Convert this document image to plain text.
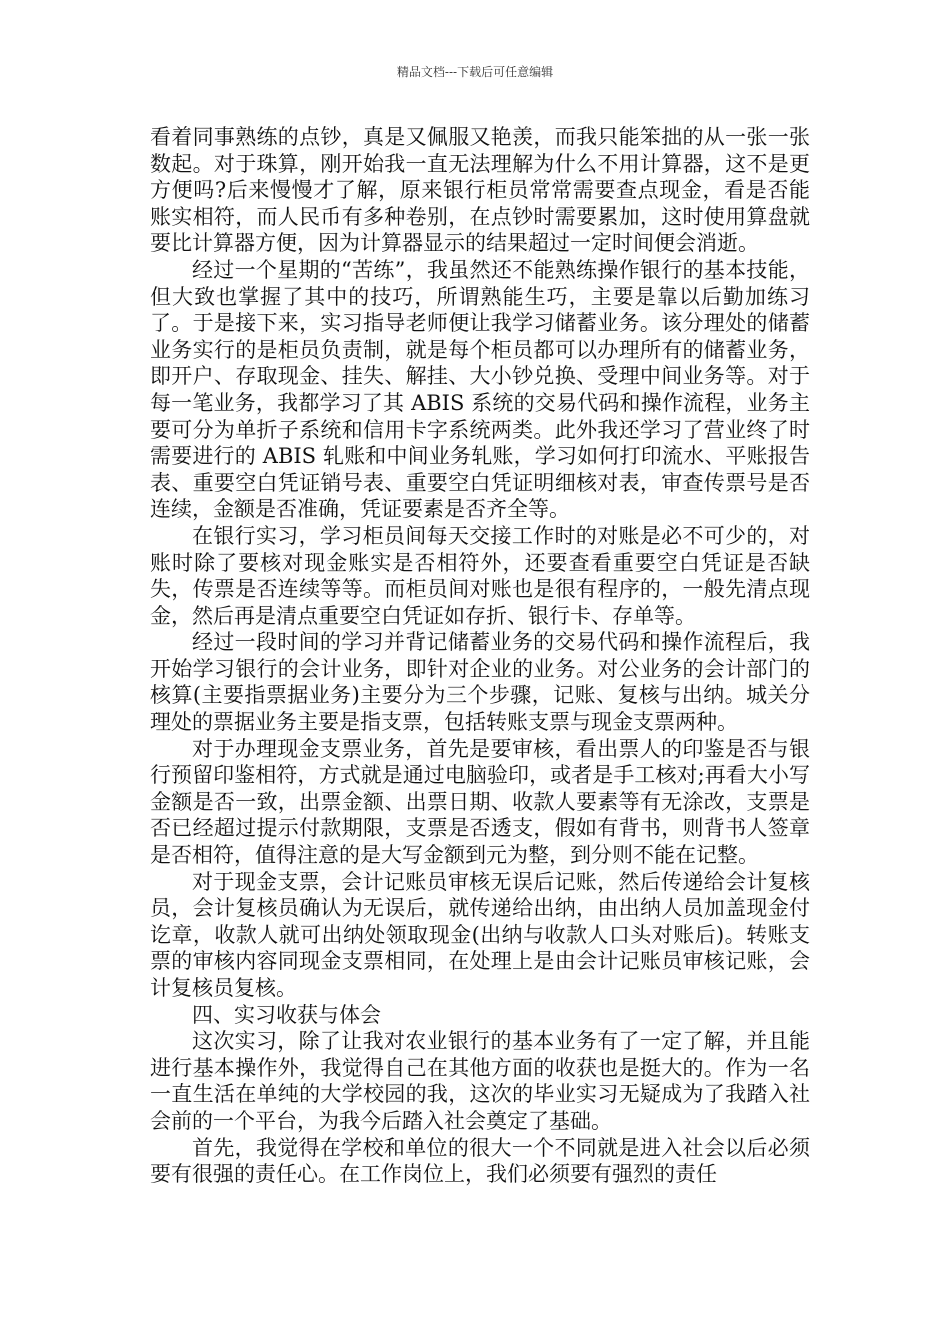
精品文档---下载后可任意编辑

看着同事熟练的点钞，真是又佩服又艳羡，而我只能笨拙的从一张一张数起。对于珠算，刚开始我一直无法理解为什么不用计算器，这不是更方便吗?后来慢慢才了解，原来银行柜员常常需要查点现金，看是否能账实相符，而人民币有多种卷别，在点钞时需要累加，这时使用算盘就要比计算器方便，因为计算器显示的结果超过一定时间便会消逝。

经过一个星期的“苦练”，我虽然还不能熟练操作银行的基本技能，但大致也掌握了其中的技巧，所谓熟能生巧，主要是靠以后勤加练习了。于是接下来，实习指导老师便让我学习储蓄业务。该分理处的储蓄业务实行的是柜员负责制，就是每个柜员都可以办理所有的储蓄业务，即开户、存取现金、挂失、解挂、大小钞兑换、受理中间业务等。对于每一笔业务，我都学习了其 ABIS 系统的交易代码和操作流程，业务主要可分为单折子系统和信用卡字系统两类。此外我还学习了营业终了时需要进行的 ABIS 轧账和中间业务轧账，学习如何打印流水、平账报告表、重要空白凭证销号表、重要空白凭证明细核对表，审查传票号是否连续，金额是否准确，凭证要素是否齐全等。

在银行实习，学习柜员间每天交接工作时的对账是必不可少的，对账时除了要核对现金账实是否相符外，还要查看重要空白凭证是否缺失，传票是否连续等等。而柜员间对账也是很有程序的，一般先清点现金，然后再是清点重要空白凭证如存折、银行卡、存单等。

经过一段时间的学习并背记储蓄业务的交易代码和操作流程后，我开始学习银行的会计业务，即针对企业的业务。对公业务的会计部门的核算(主要指票据业务)主要分为三个步骤，记账、复核与出纳。城关分理处的票据业务主要是指支票，包括转账支票与现金支票两种。

对于办理现金支票业务，首先是要审核，看出票人的印鉴是否与银行预留印鉴相符，方式就是通过电脑验印，或者是手工核对;再看大小写金额是否一致，出票金额、出票日期、收款人要素等有无涂改，支票是否已经超过提示付款期限，支票是否透支，假如有背书，则背书人签章是否相符，值得注意的是大写金额到元为整，到分则不能在记整。

对于现金支票，会计记账员审核无误后记账，然后传递给会计复核员，会计复核员确认为无误后，就传递给出纳，由出纳人员加盖现金付讫章，收款人就可出纳处领取现金(出纳与收款人口头对账后)。转账支票的审核内容同现金支票相同，在处理上是由会计记账员审核记账，会计复核员复核。

四、实习收获与体会

这次实习，除了让我对农业银行的基本业务有了一定了解，并且能进行基本操作外，我觉得自己在其他方面的收获也是挺大的。作为一名一直生活在单纯的大学校园的我，这次的毕业实习无疑成为了我踏入社会前的一个平台，为我今后踏入社会奠定了基础。

首先，我觉得在学校和单位的很大一个不同就是进入社会以后必须要有很强的责任心。在工作岗位上，我们必须要有强烈的责任
